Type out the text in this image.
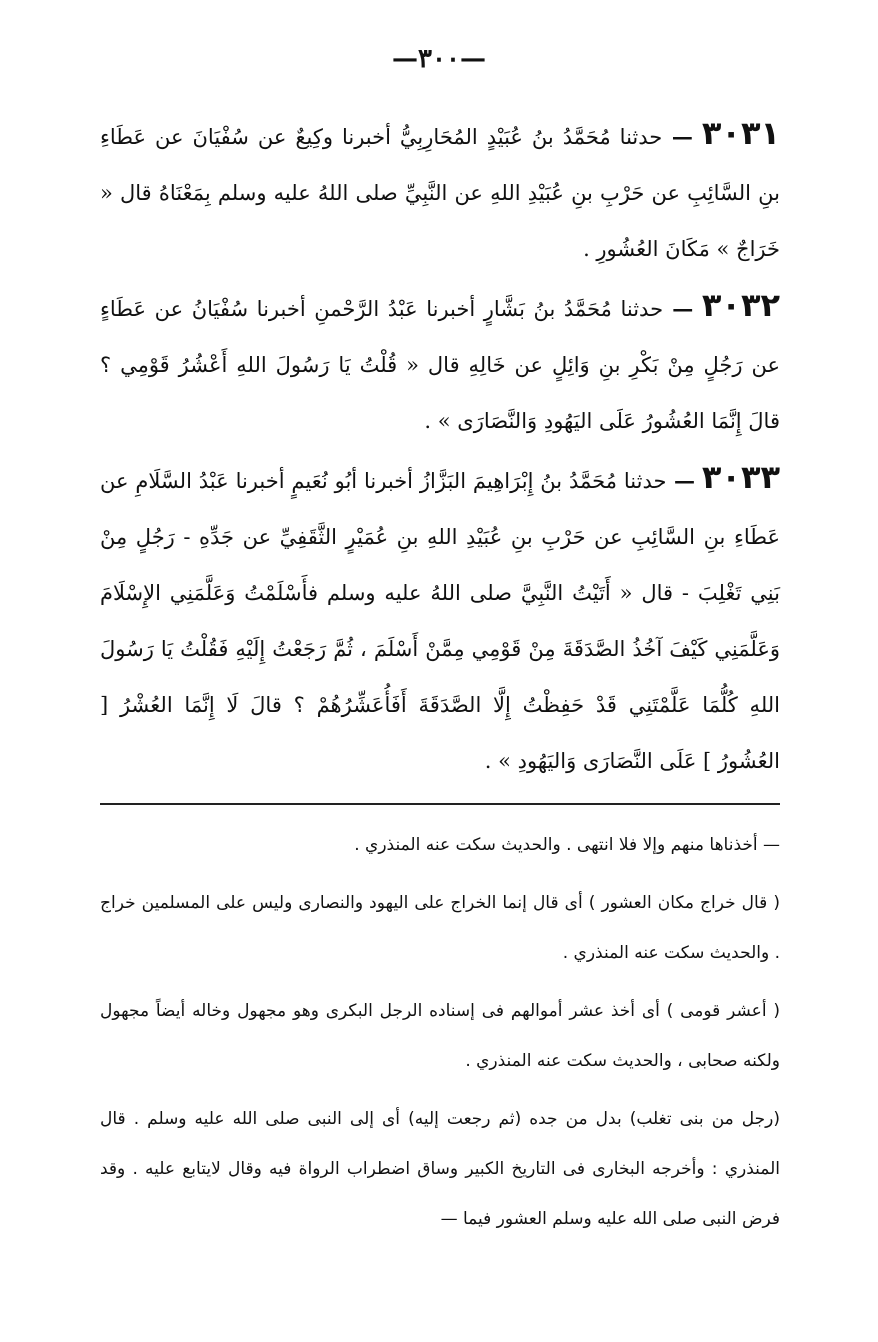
—٣٠٠—

٣٠٣١ — حدثنا مُحَمَّدُ بنُ عُبَيْدٍ المُحَارِبِيُّ أخبرنا وكِيعٌ عن سُفْيَانَ عن عَطَاءِ بنِ السَّائِبِ عن حَرْبِ بنِ عُبَيْدِ اللهِ عن النَّبِيِّ صلى اللهُ عليه وسلم بِمَعْنَاهُ قال « خَرَاجٌ » مَكَانَ العُشُورِ .

٣٠٣٢ — حدثنا مُحَمَّدُ بنُ بَشَّارٍ أخبرنا عَبْدُ الرَّحْمنِ أخبرنا سُفْيَانُ عن عَطَاءٍ عن رَجُلٍ مِنْ بَكْرِ بنِ وَائِلٍ عن خَالِهِ قال « قُلْتُ يَا رَسُولَ اللهِ أَعْشُرُ قَوْمِي ؟ قالَ إِنَّمَا العُشُورُ عَلَى اليَهُودِ وَالنَّصَارَى » .

٣٠٣٣ — حدثنا مُحَمَّدُ بنُ إِبْرَاهِيمَ البَزَّازُ أخبرنا أبُو نُعَيمٍ أخبرنا عَبْدُ السَّلَامِ عن عَطَاءِ بنِ السَّائِبِ عن حَرْبِ بنِ عُبَيْدِ اللهِ بنِ عُمَيْرٍ الثَّقَفِيِّ عن جَدِّهِ - رَجُلٍ مِنْ بَنِي تَغْلِبَ - قال « أَتَيْتُ النَّبِيَّ صلى اللهُ عليه وسلم فأَسْلَمْتُ وَعَلَّمَنِي الإِسْلَامَ وَعَلَّمَنِي كَيْفَ آخُذُ الصَّدَقَةَ مِنْ قَوْمِي مِمَّنْ أَسْلَمَ ، ثُمَّ رَجَعْتُ إِلَيْهِ فَقُلْتُ يَا رَسُولَ اللهِ كُلُّمَا عَلَّمْتَنِي قَدْ حَفِظْتُ إِلَّا الصَّدَقَةَ أَفَأُعَشِّرُهُمْ ؟ قالَ لَا إِنَّمَا العُشْرُ [ العُشُورُ ] عَلَى النَّصَارَى وَاليَهُودِ » .

— أخذناها منهم وإلا فلا انتهى . والحديث سكت عنه المنذري .

( قال خراج مكان العشور ) أى قال إنما الخراج على اليهود والنصارى وليس على المسلمين خراج . والحديث سكت عنه المنذري .

( أعشر قومى ) أى أخذ عشر أموالهم فى إسناده الرجل البكرى وهو مجهول وخاله أيضاً مجهول ولكنه صحابى ، والحديث سكت عنه المنذري .

(رجل من بنى تغلب) بدل من جده (ثم رجعت إليه) أى إلى النبى صلى الله عليه وسلم . قال المنذري : وأخرجه البخارى فى التاريخ الكبير وساق اضطراب الرواة فيه وقال لايتابع عليه . وقد فرض النبى صلى الله عليه وسلم العشور فيما —
